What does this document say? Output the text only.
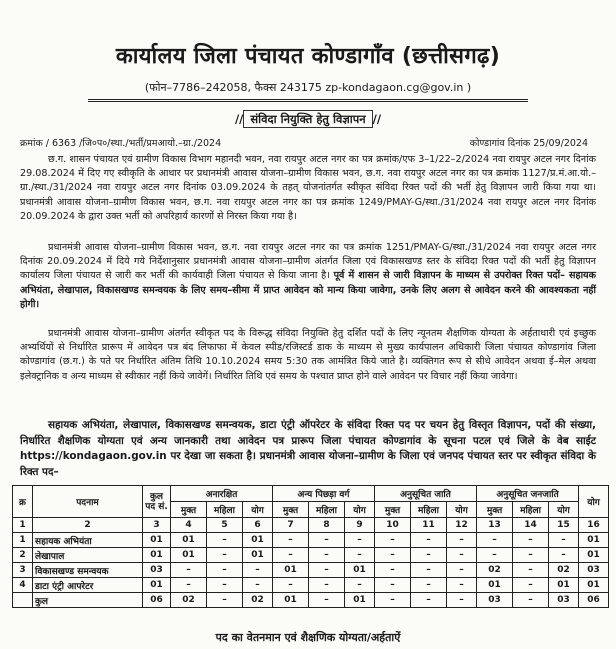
कार्यालय जिला पंचायत कोण्डागाँव (छत्तीसगढ़)
(फोन–7786–242058, फैक्स 243175 zp-kondagaon.cg@gov.in )
// संविदा नियुक्ति हेतु विज्ञापन //
क्रमांक / 6363 /जि०प०/स्था./भर्ती/प्रमआयो.–ग्रा./2024	कोण्डागांव दिनांक 25/09/2024
छ.ग. शासन पंचायत एवं ग्रामीण विकास विभाग महानदी भवन, नवा रायपुर अटल नगर का पत्र क्रमांक/एफ 3–1/22–2/2024 नवा रायपुर अटल नगर दिनांक 29.08.2024 में दिए गए स्वीकृति के आधार पर प्रधानमंत्री आवास योजना–ग्रामीण विकास भवन, छ.ग. नवा रायपुर अटल नगर का पत्र क्रमांक 1127/प्र.मं.आ.यो.–ग्रा./स्था./31/2024 नवा रायपुर अटल नगर दिनांक 03.09.2024 के तहत् योजनांतर्गत स्वीकृत संविदा रिक्त पदों की भर्ती हेतु विज्ञापन जारी किया गया था। प्रधानमंत्री आवास योजना–ग्रामीण विकास भवन, छ.ग. नवा रायपुर अटल नगर का पत्र क्रमांक 1249/PMAY-G/स्था./31/2024 नवा रायपुर अटल नगर दिनांक 20.09.2024 के द्वारा उक्त भर्ती को अपरिहार्य कारणों से निरस्त किया गया है।
प्रधानमंत्री आवास योजना–ग्रामीण विकास भवन, छ.ग. नवा रायपुर अटल नगर का पत्र क्रमांक 1251/PMAY-G/स्था./31/2024 नवा रायपुर अटल नगर दिनांक 20.09.2024 में दिये गये निर्देशानुसार प्रधानमंत्री आवास योजना–ग्रामीण अंतर्गत जिला एवं विकासखण्ड स्तर के संविदा रिक्त पदों की भर्ती हेतु विज्ञापन कार्यालय जिला पंचायत से जारी कर भर्ती की कार्यवाही जिला पंचायत से किया जाना है। पूर्व में शासन से जारी विज्ञापन के माध्यम से उपरोक्त रिक्त पदों– सहायक अभियंता, लेखापाल, विकासखण्ड समन्वयक के लिए समय–सीमा में प्राप्त आवेदन को मान्य किया जावेगा, उनके लिए अलग से आवेदन करने की आवश्यकता नहीं होगी।
प्रधानमंत्री आवास योजना–ग्रामीण अंतर्गत स्वीकृत पद के विरूद्ध संविदा नियुक्ति हेतु दर्शित पदों के लिए न्यूनतम शैक्षणिक योग्यता के अर्हताधारी एवं इच्छुक अभ्यर्थियों से निर्धारित प्रारूप में आवेदन पत्र बंद लिफाफा में केवल स्पीड/रजिस्टर्ड डाक के माध्यम से मुख्य कार्यपालन अधिकारी जिला पंचायत कोण्डागांव जिला कोण्डागांव (छ.ग.) के पते पर निर्धारित अंतिम तिथि 10.10.2024 समय 5:30 तक आमंत्रित किये जाते है। व्यक्तिगत रूप से सीधे आवेदन अथवा ई–मेल अथवा इलेक्ट्रानिक व अन्य माध्यम से स्वीकार नहीं किये जावेगें। निर्धारित तिथि एवं समय के पश्चात प्राप्त होने वाले आवेदन पर विचार नहीं किया जावेगा।
सहायक अभियंता, लेखापाल, विकासखण्ड समन्वयक, डाटा एंट्री ऑपरेटर के संविदा रिक्त पद पर चयन हेतु विस्तृत विज्ञापन, पदों की संख्या, निर्धारित शैक्षणिक योग्यता एवं अन्य जानकारी तथा आवेदन पत्र प्रारूप जिला पंचायत कोण्डागांव के सूचना पटल एवं जिले के वेब साईट https://kondagaon.gov.in पर देखा जा सकता है। प्रधानमंत्री आवास योजना–ग्रामीण के जिला एवं जनपद पंचायत स्तर पर स्वीकृत संविदा के रिक्त पद–
क्र	पदनाम	कुल पद सं.	अनारक्षित			अन्य पिछड़ा वर्ग			अनुसूचित जाति			अनुसूचित जनजाति			योग
			मुक्त	महिला	योग	मुक्त	महिला	योग	मुक्त	महिला	योग	मुक्त	महिला	योग	
1	2	3	4	5	6	7	8	9	10	11	12	13	14	15	16
1	सहायक अभियंता	01	01	–	01	–	–	–	–	–	–	–	–	–	01
2	लेखापाल	01	01	–	01	–	–	–	–	–	–	–	–	–	01
3	विकासखण्ड समन्वयक	03	–	–	–	01	–	01	–	–	–	02	–	02	03
4	डाटा एंट्री आपरेटर	01	–	–	–	–	–	–	–	–	–	01	–	01	01
	कुल	06	02	–	02	01	–	01	–	–	–	03	–	03	06
पद का वेतनमान एवं शैक्षणिक योग्यता/अर्हताऐं
